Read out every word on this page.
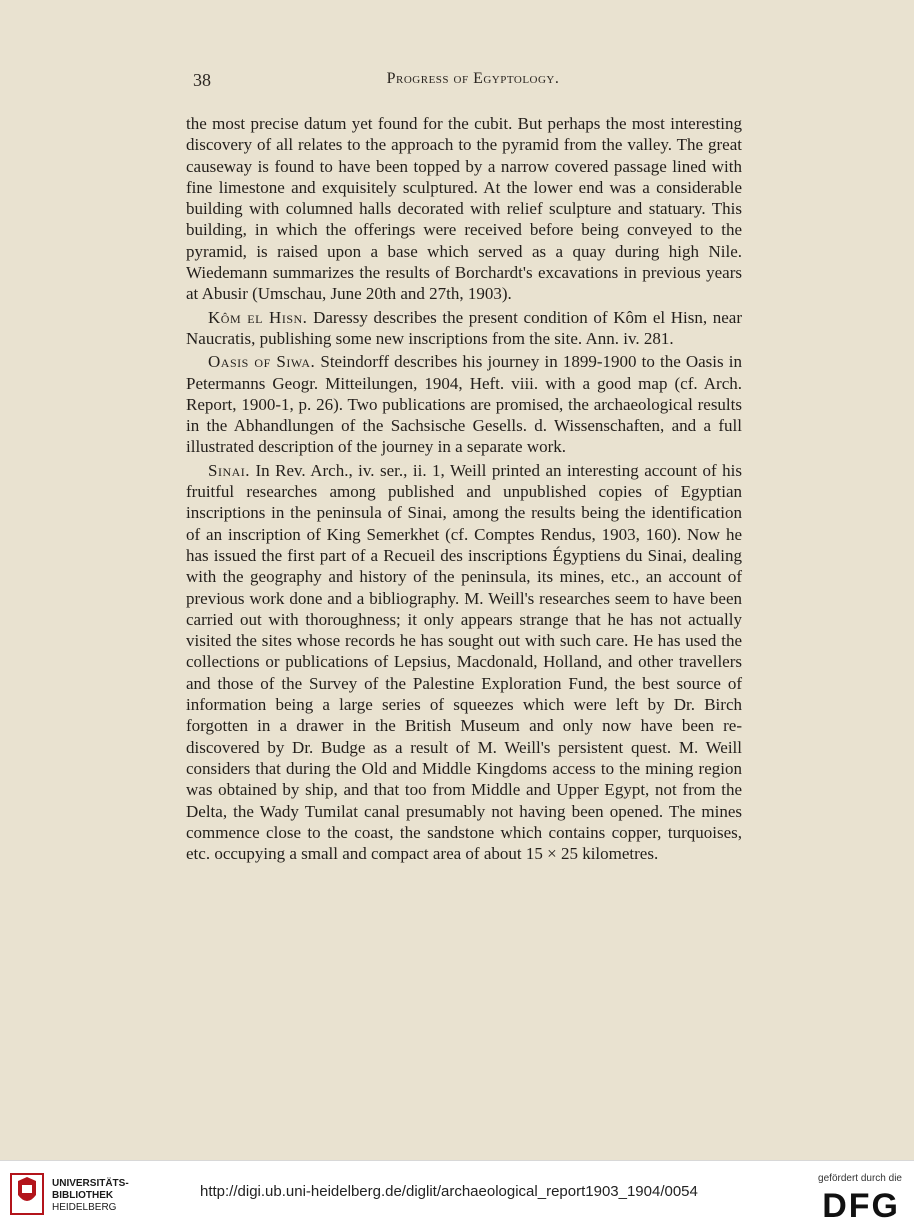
38	Progress of Egyptology.

the most precise datum yet found for the cubit. But perhaps the most interesting discovery of all relates to the approach to the pyramid from the valley. The great causeway is found to have been topped by a narrow covered passage lined with fine limestone and exquisitely sculptured. At the lower end was a considerable building with columned halls decorated with relief sculpture and statuary. This building, in which the offerings were received before being conveyed to the pyramid, is raised upon a base which served as a quay during high Nile. Wiedemann summarizes the results of Borchardt's excavations in previous years at Abusir (Umschau, June 20th and 27th, 1903).

Kôm el Hisn. Daressy describes the present condition of Kôm el Hisn, near Naucratis, publishing some new inscriptions from the site. Ann. iv. 281.

Oasis of Siwa. Steindorff describes his journey in 1899-1900 to the Oasis in Petermanns Geogr. Mitteilungen, 1904, Heft. viii. with a good map (cf. Arch. Report, 1900-1, p. 26). Two publications are promised, the archaeological results in the Abhandlungen of the Sachsische Gesells. d. Wissenschaften, and a full illustrated description of the journey in a separate work.

Sinai. In Rev. Arch., iv. ser., ii. 1, Weill printed an interesting account of his fruitful researches among published and unpublished copies of Egyptian inscriptions in the peninsula of Sinai, among the results being the identification of an inscription of King Semerkhet (cf. Comptes Rendus, 1903, 160). Now he has issued the first part of a Recueil des inscriptions Égyptiens du Sinai, dealing with the geography and history of the peninsula, its mines, etc., an account of previous work done and a bibliography. M. Weill's researches seem to have been carried out with thoroughness; it only appears strange that he has not actually visited the sites whose records he has sought out with such care. He has used the collections or publications of Lepsius, Macdonald, Holland, and other travellers and those of the Survey of the Palestine Exploration Fund, the best source of information being a large series of squeezes which were left by Dr. Birch forgotten in a drawer in the British Museum and only now have been re-discovered by Dr. Budge as a result of M. Weill's persistent quest. M. Weill considers that during the Old and Middle Kingdoms access to the mining region was obtained by ship, and that too from Middle and Upper Egypt, not from the Delta, the Wady Tumilat canal presumably not having been opened. The mines commence close to the coast, the sandstone which contains copper, turquoises, etc. occupying a small and compact area of about 15 × 25 kilometres.

UNIVERSITÄTS-
BIBLIOTHEK
HEIDELBERG
http://digi.ub.uni-heidelberg.de/diglit/archaeological_report1903_1904/0054
gefördert durch die
DFG
